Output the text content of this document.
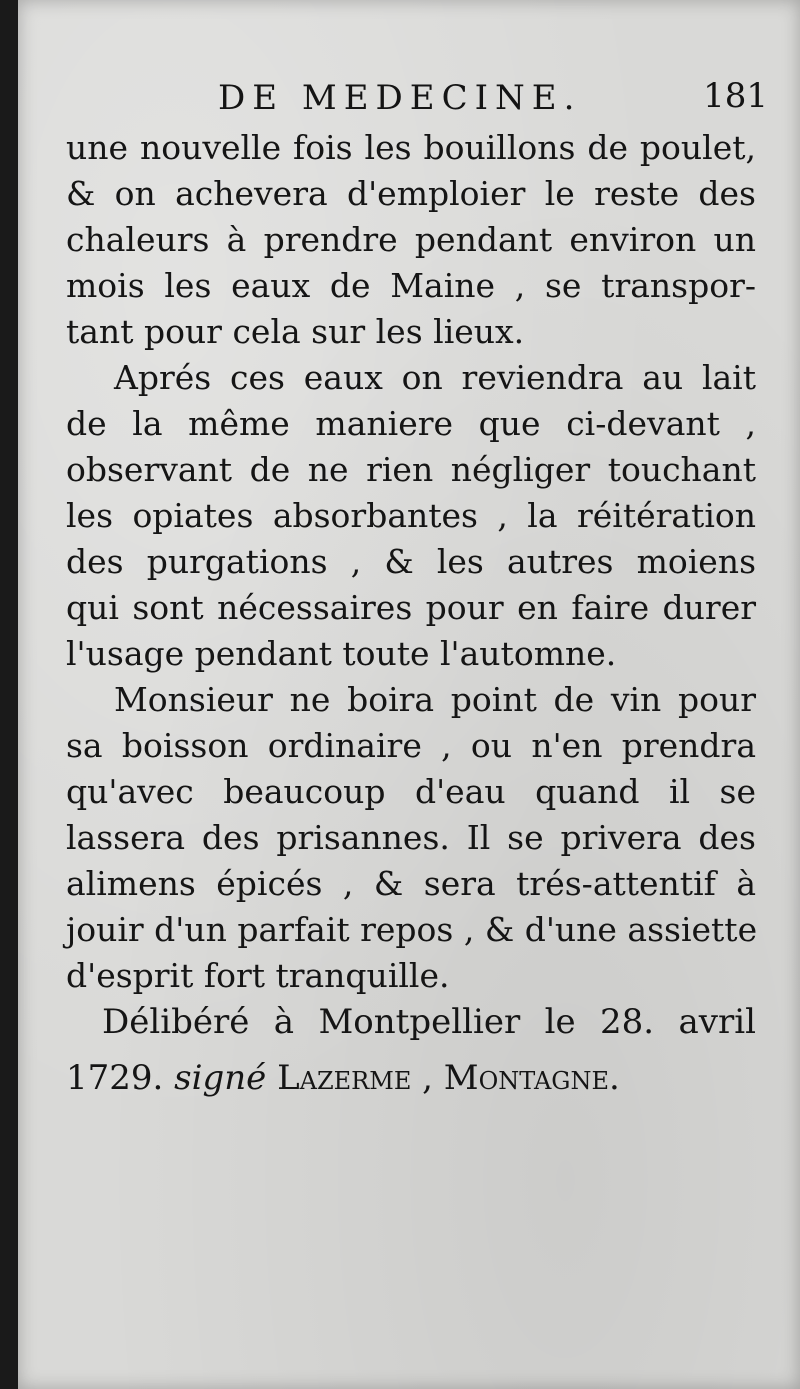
DE MEDECINE.	181
une nouvelle fois les bouillons de poulet,
& on achevera d'emploier le reste des
chaleurs à prendre pendant environ un
mois les eaux de Maine , se transpor-
tant pour cela sur les lieux.
Aprés ces eaux on reviendra au lait
de la même maniere que ci-devant ,
observant de ne rien négliger touchant
les opiates absorbantes , la réitération
des purgations , & les autres moiens
qui sont nécessaires pour en faire durer
l'usage pendant toute l'automne.
Monsieur ne boira point de vin pour
sa boisson ordinaire , ou n'en prendra
qu'avec beaucoup d'eau quand il se
lassera des prisannes. Il se privera des
alimens épicés , & sera trés-attentif à
jouir d'un parfait repos , & d'une assiette
d'esprit fort tranquille.
Délibéré à Montpellier le 28. avril
1729. signé Lazerme , Montagne.
